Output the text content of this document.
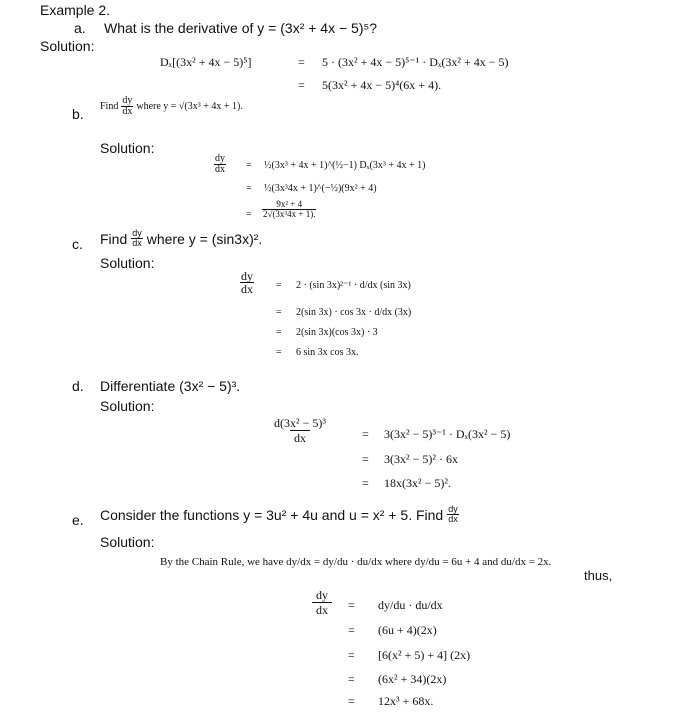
Example 2.
a. What is the derivative of y = (3x² + 4x − 5)⁵?
Solution:
Dₓ[(3x² + 4x − 5)⁵]	= 5 · (3x² + 4x − 5)⁵⁻¹ · Dₓ(3x² + 4x − 5)
= 5(3x² + 4x − 5)⁴(6x + 4).
b. Find $\frac{dy}{dx}$ where y = √(3x³ + 4x + 1).
Solution:
$\frac{dy}{dx}$ = ½(3x³ + 4x + 1)^(½−1) Dₓ(3x³ + 4x + 1)
= ½(3x³4x + 1)^(−½)(9x² + 4)
= $\frac{\text{9x² + 4}}{\text{2√(3x³4x + 1).}}$
c. Find $\frac{dy}{dx}$ where y = (sin3x)².
Solution:
$\frac{dy}{dx} = 2 \cdot (\sin$ 3x)²⁻¹ · d/dx (sin 3x)
= 2(sin 3x) · cos 3x · d/dx (3x)
= 2(sin 3x)(cos 3x) · 3
= 6 sin 3x cos 3x.
d. Differentiate (3x² − 5)³.
Solution:
$\frac{\text{d(3x² − 5)³}}{dx}$	= 3(3x² − 5)³⁻¹ · Dₓ(3x² − 5)
= 3(3x² − 5)² · 6x
= 18x(3x² − 5)².
e. Consider the functions y = 3u² + 4u and u = x² + 5. Find $\frac{dy}{dx}$
Solution:
By the Chain Rule, we have dy/dx = dy/du · du/dx where dy/du = 6u + 4 and du/dx = 2x.
thus,
$\frac{dy}{dx} = dy/du \cdot du/dx$
= (6u + 4)(2x)
= [6(x² + 5) + 4] (2x)
= (6x² + 34)(2x)
= 12x³ + 68x.
